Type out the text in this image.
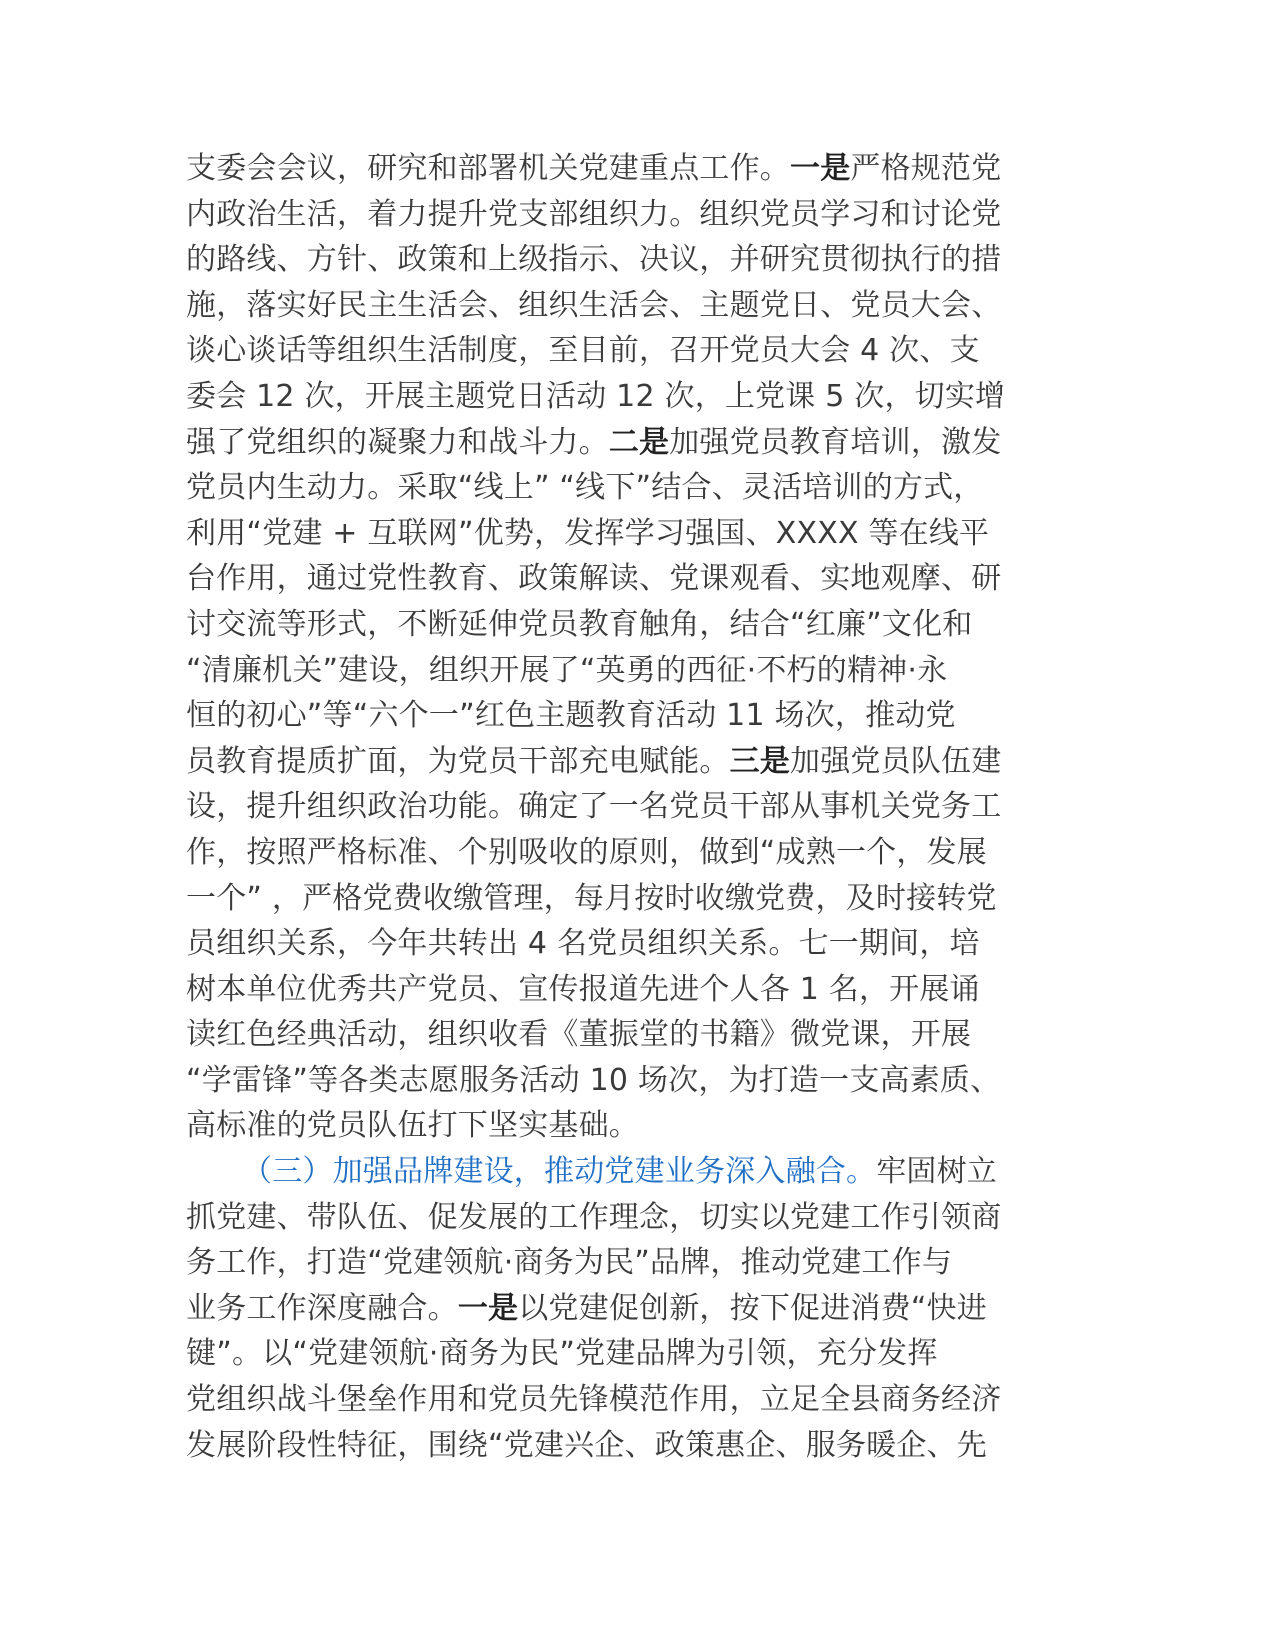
支委会会议，研究和部署机关党建重点工作。一是严格规范党
内政治生活，着力提升党支部组织力。组织党员学习和讨论党
的路线、方针、政策和上级指示、决议，并研究贯彻执行的措
施，落实好民主生活会、组织生活会、主题党日、党员大会、
谈心谈话等组织生活制度，至目前，召开党员大会 4 次、支
委会 12 次，开展主题党日活动 12 次，上党课 5 次，切实增
强了党组织的凝聚力和战斗力。二是加强党员教育培训，激发
党员内生动力。采取“线上” “线下”结合、灵活培训的方式，
利用“党建 + 互联网”优势，发挥学习强国、XXXX 等在线平
台作用，通过党性教育、政策解读、党课观看、实地观摩、研
讨交流等形式，不断延伸党员教育触角，结合“红廉”文化和
“清廉机关”建设，组织开展了“英勇的西征·不朽的精神·永
恒的初心”等“六个一”红色主题教育活动 11 场次，推动党
员教育提质扩面，为党员干部充电赋能。三是加强党员队伍建
设，提升组织政治功能。确定了一名党员干部从事机关党务工
作，按照严格标准、个别吸收的原则，做到“成熟一个，发展
一个” ，严格党费收缴管理，每月按时收缴党费，及时接转党
员组织关系，今年共转出 4 名党员组织关系。七一期间，培
树本单位优秀共产党员、宣传报道先进个人各 1 名，开展诵
读红色经典活动，组织收看《董振堂的书籍》微党课，开展
“学雷锋”等各类志愿服务活动 10 场次，为打造一支高素质、
高标准的党员队伍打下坚实基础。
（三）加强品牌建设，推动党建业务深入融合。牢固树立
抓党建、带队伍、促发展的工作理念，切实以党建工作引领商
务工作，打造“党建领航·商务为民”品牌，推动党建工作与
业务工作深度融合。一是以党建促创新，按下促进消费“快进
键”。以“党建领航·商务为民”党建品牌为引领，充分发挥
党组织战斗堡垒作用和党员先锋模范作用，立足全县商务经济
发展阶段性特征，围绕“党建兴企、政策惠企、服务暖企、先
